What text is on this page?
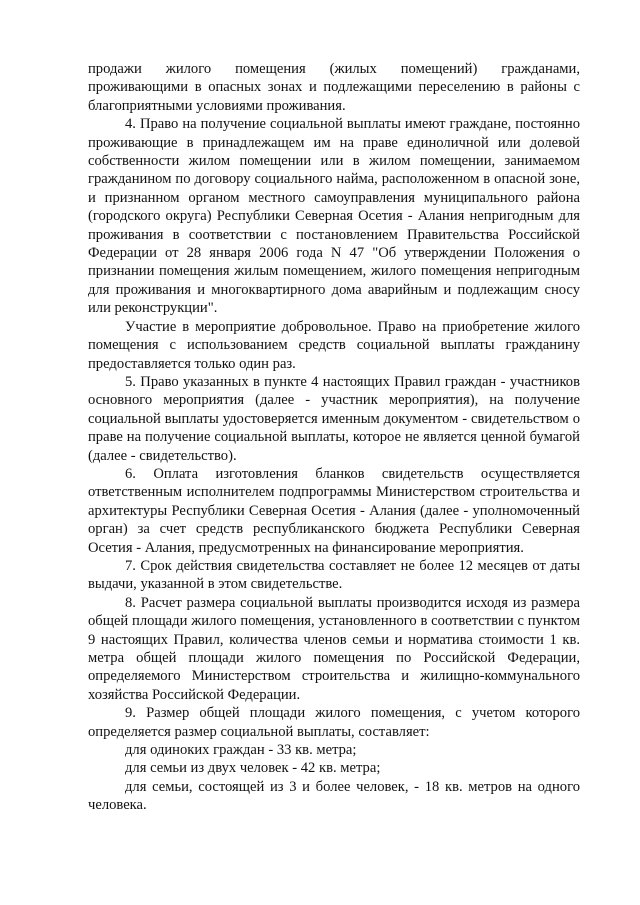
продажи жилого помещения (жилых помещений) гражданами, проживающими в опасных зонах и подлежащими переселению в районы с благоприятными условиями проживания.

4. Право на получение социальной выплаты имеют граждане, постоянно проживающие в принадлежащем им на праве единоличной или долевой собственности жилом помещении или в жилом помещении, занимаемом гражданином по договору социального найма, расположенном в опасной зоне, и признанном органом местного самоуправления муниципального района (городского округа) Республики Северная Осетия - Алания непригодным для проживания в соответствии с постановлением Правительства Российской Федерации от 28 января 2006 года N 47 "Об утверждении Положения о признании помещения жилым помещением, жилого помещения непригодным для проживания и многоквартирного дома аварийным и подлежащим сносу или реконструкции".

Участие в мероприятие добровольное. Право на приобретение жилого помещения с использованием средств социальной выплаты гражданину предоставляется только один раз.

5. Право указанных в пункте 4 настоящих Правил граждан - участников основного мероприятия (далее - участник мероприятия), на получение социальной выплаты удостоверяется именным документом - свидетельством о праве на получение социальной выплаты, которое не является ценной бумагой (далее - свидетельство).

6. Оплата изготовления бланков свидетельств осуществляется ответственным исполнителем подпрограммы Министерством строительства и архитектуры Республики Северная Осетия - Алания (далее - уполномоченный орган) за счет средств республиканского бюджета Республики Северная Осетия - Алания, предусмотренных на финансирование мероприятия.

7. Срок действия свидетельства составляет не более 12 месяцев от даты выдачи, указанной в этом свидетельстве.

8. Расчет размера социальной выплаты производится исходя из размера общей площади жилого помещения, установленного в соответствии с пунктом 9 настоящих Правил, количества членов семьи и норматива стоимости 1 кв. метра общей площади жилого помещения по Российской Федерации, определяемого Министерством строительства и жилищно-коммунального хозяйства Российской Федерации.

9. Размер общей площади жилого помещения, с учетом которого определяется размер социальной выплаты, составляет:

для одиноких граждан - 33 кв. метра;

для семьи из двух человек - 42 кв. метра;

для семьи, состоящей из 3 и более человек, - 18 кв. метров на одного человека.
